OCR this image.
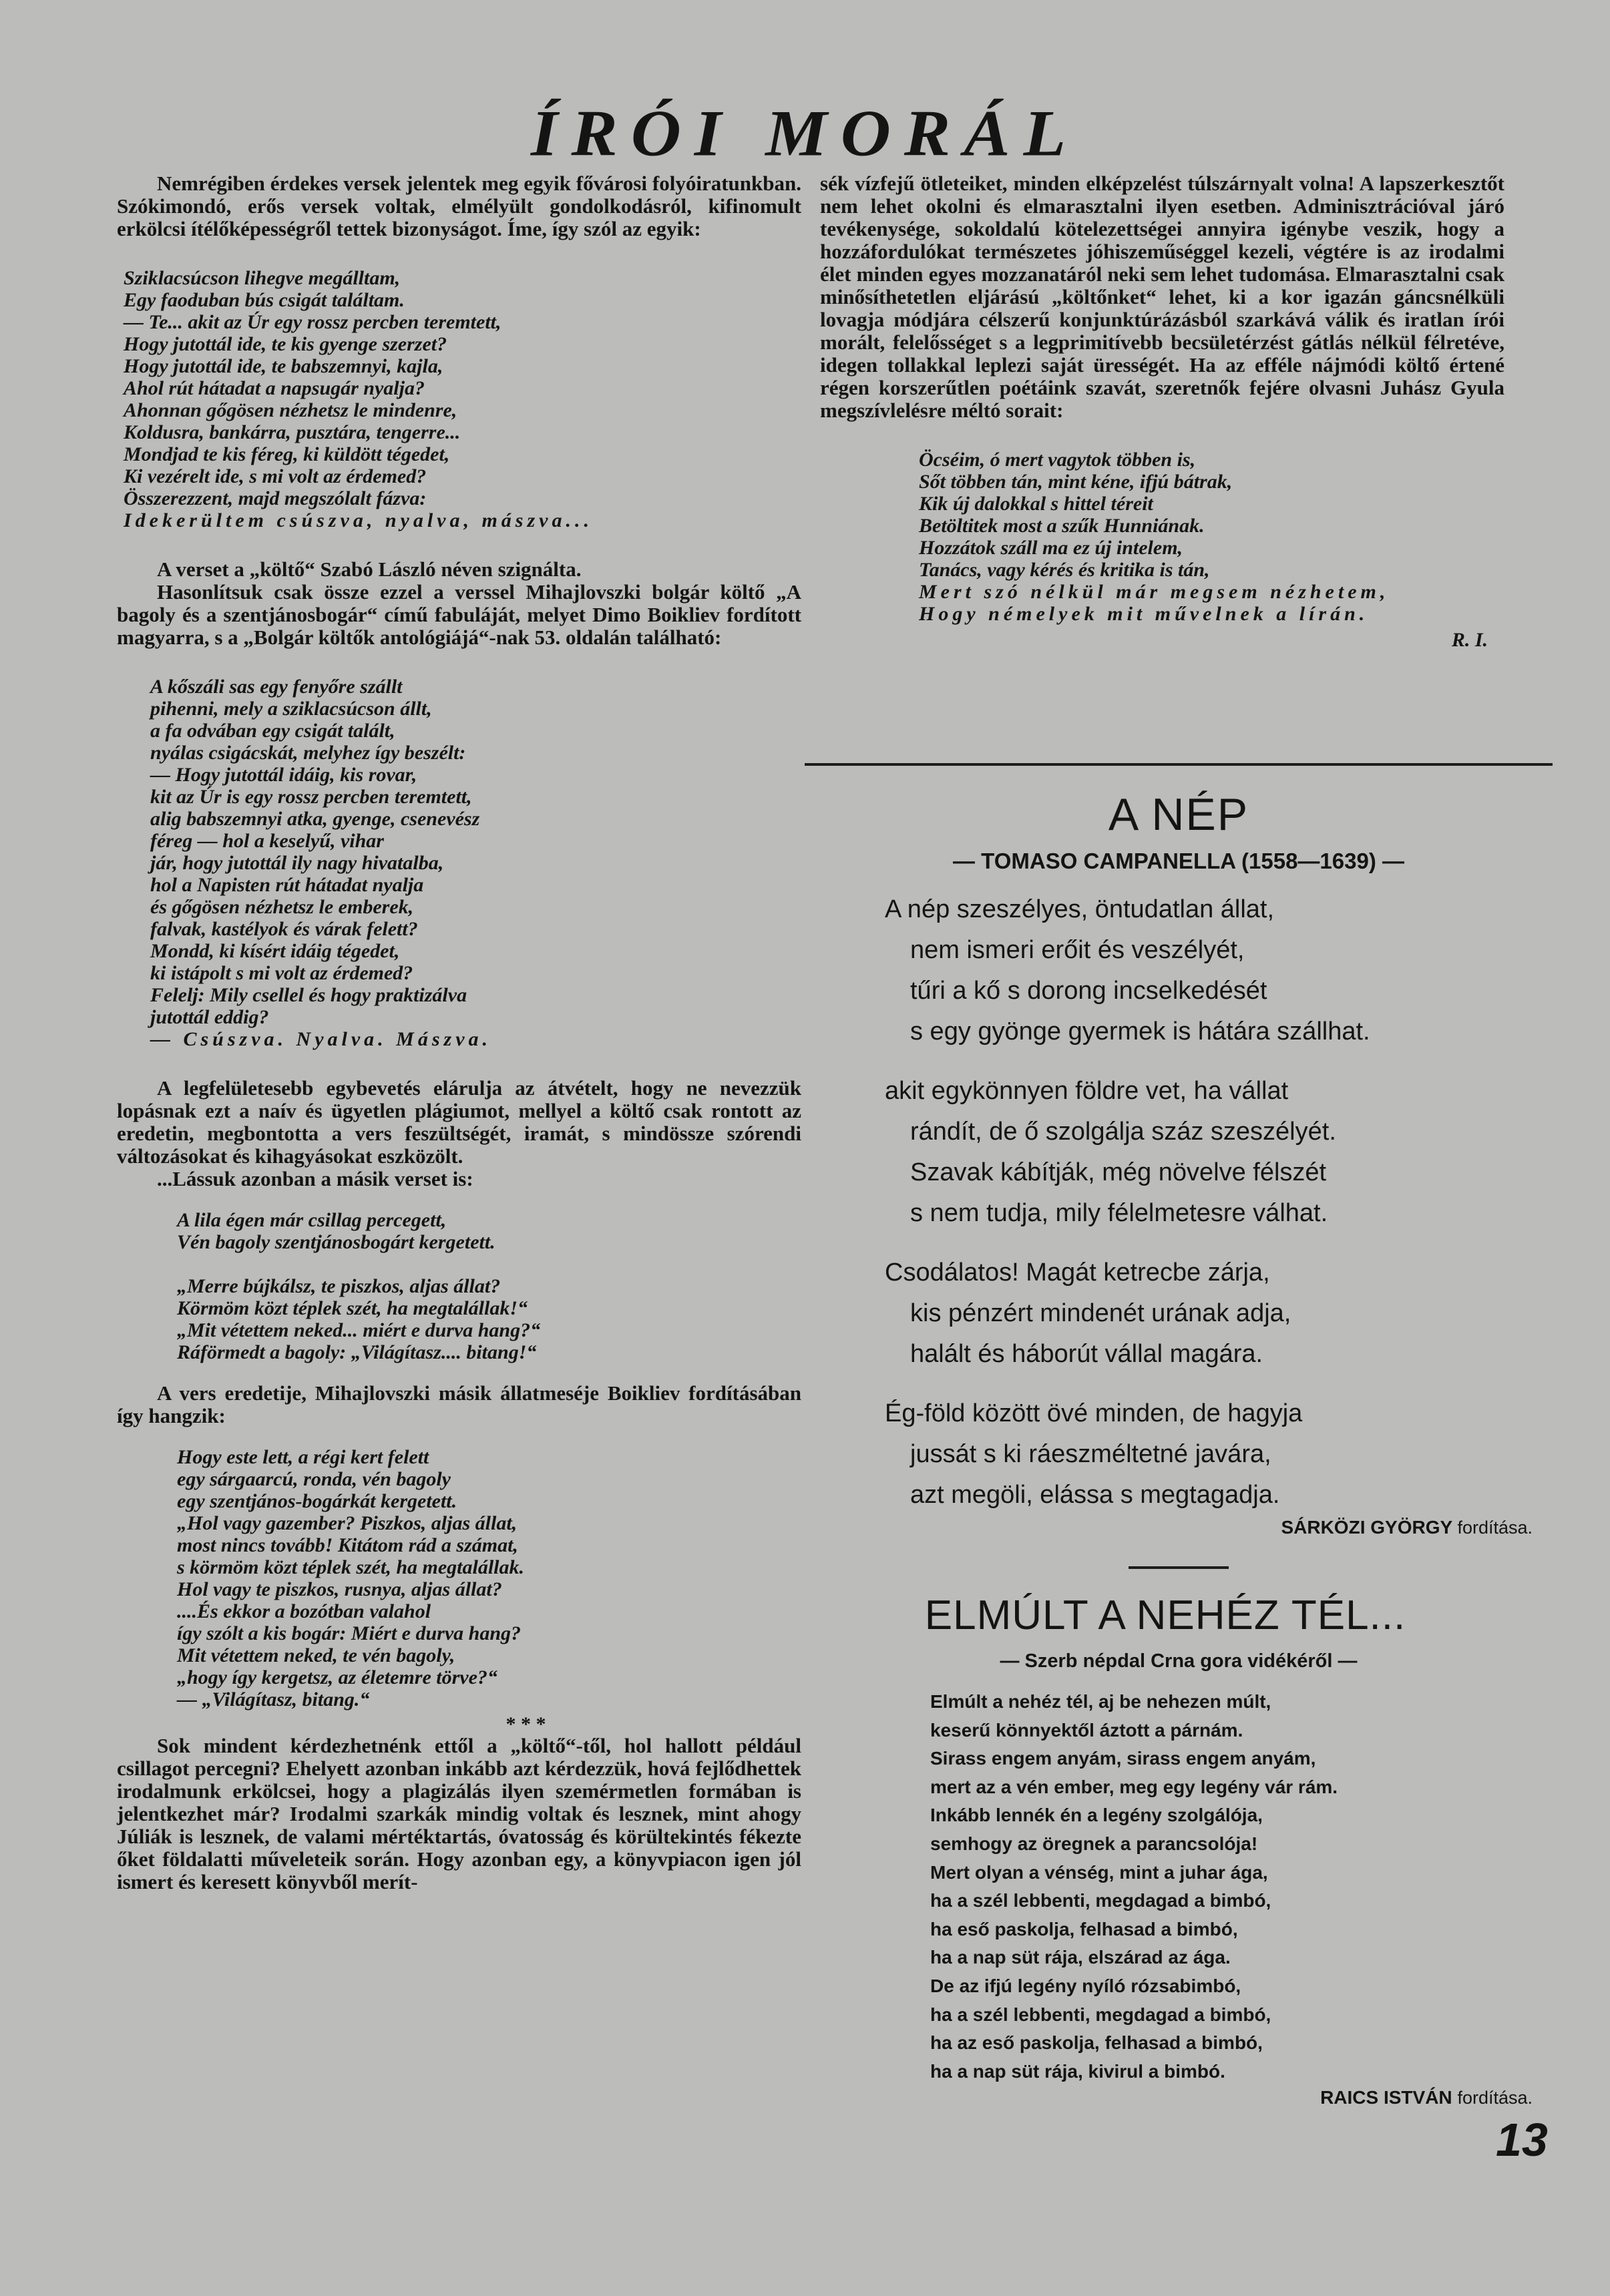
ÍRÓI MORÁL

Nemrégiben érdekes versek jelentek meg egyik fővárosi folyóiratunkban. Szókimondó, erős versek voltak, elmélyült gondolkodásról, kifinomult erkölcsi ítélőképességről tettek bizonyságot. Íme, így szól az egyik:

Sziklacsúcson lihegve megálltam,
Egy faoduban bús csigát találtam.
— Te... akit az Úr egy rossz percben teremtett,
Hogy jutottál ide, te kis gyenge szerzet?
Hogy jutottál ide, te babszemnyi, kajla,
Ahol rút hátadat a napsugár nyalja?
Ahonnan gőgösen nézhetsz le mindenre,
Koldusra, bankárra, pusztára, tengerre...
Mondjad te kis féreg, ki küldött tégedet,
Ki vezérelt ide, s mi volt az érdemed?
Összerezzent, majd megszólalt fázva:
Idekerültem csúszva, nyalva, mászva...

A verset a „költő“ Szabó László néven szignálta.

Hasonlítsuk csak össze ezzel a verssel Mihajlovszki bolgár költő „A bagoly és a szentjánosbogár“ című fabuláját, melyet Dimo Boikliev fordított magyarra, s a „Bolgár költők antológiájá“-nak 53. oldalán található:

A kőszáli sas egy fenyőre szállt
pihenni, mely a sziklacsúcson állt,
a fa odvában egy csigát talált,
nyálas csigácskát, melyhez így beszélt:
— Hogy jutottál idáig, kis rovar,
kit az Úr is egy rossz percben teremtett,
alig babszemnyi atka, gyenge, csenevész
féreg — hol a keselyű, vihar
jár, hogy jutottál ily nagy hivatalba,
hol a Napisten rút hátadat nyalja
és gőgösen nézhetsz le emberek,
falvak, kastélyok és várak felett?
Mondd, ki kísért idáig tégedet,
ki istápolt s mi volt az érdemed?
Felelj: Mily csellel és hogy praktizálva
jutottál eddig?
— Csúszva. Nyalva. Mászva.

A legfelületesebb egybevetés elárulja az átvételt, hogy ne nevezzük lopásnak ezt a naív és ügyetlen plágiumot, mellyel a költő csak rontott az eredetin, megbontotta a vers feszültségét, iramát, s mindössze szórendi változásokat és kihagyásokat eszközölt.

...Lássuk azonban a másik verset is:

A lila égen már csillag percegett,
Vén bagoly szentjánosbogárt kergetett.
„Merre bújkálsz, te piszkos, aljas állat?
Körmöm közt téplek szét, ha megtalállak!“
„Mit vétettem neked... miért e durva hang?“
Ráförmedt a bagoly: „Világítasz.... bitang!“

A vers eredetije, Mihajlovszki másik állatmeséje Boikliev fordításában így hangzik:

Hogy este lett, a régi kert felett
egy sárgaarcú, ronda, vén bagoly
egy szentjános-bogárkát kergetett.
„Hol vagy gazember? Piszkos, aljas állat,
most nincs tovább! Kitátom rád a számat,
s körmöm közt téplek szét, ha megtalállak.
Hol vagy te piszkos, rusnya, aljas állat?
....És ekkor a bozótban valahol
így szólt a kis bogár: Miért e durva hang?
Mit vétettem neked, te vén bagoly,
„hogy így kergetsz, az életemre törve?“
— „Világítasz, bitang.“
* * *

Sok mindent kérdezhetnénk ettől a „költő“-től, hol hallott például csillagot percegni? Ehelyett azonban inkább azt kérdezzük, hová fejlődhettek irodalmunk erkölcsei, hogy a plagizálás ilyen szemérmetlen formában is jelentkezhet már? Irodalmi szarkák mindig voltak és lesznek, mint ahogy Júliák is lesznek, de valami mértéktartás, óvatosság és körültekintés fékezte őket földalatti műveleteik során. Hogy azonban egy, a könyvpiacon igen jól ismert és keresett könyvből merít-

sék vízfejű ötleteiket, minden elképzelést túlszárnyalt volna! A lapszerkesztőt nem lehet okolni és elmarasztalni ilyen esetben. Adminisztrációval járó tevékenysége, sokoldalú kötelezettségei annyira igénybe veszik, hogy a hozzáfordulókat természetes jóhiszeműséggel kezeli, végtére is az irodalmi élet minden egyes mozzanatáról neki sem lehet tudomása. Elmarasztalni csak minősíthetetlen eljárású „költőnket“ lehet, ki a kor igazán gáncsnélküli lovagja módjára célszerű konjunktúrázásból szarkává válik és iratlan írói morált, felelősséget s a legprimitívebb becsületérzést gátlás nélkül félretéve, idegen tollakkal leplezi saját ürességét. Ha az efféle nájmódi költő értené régen korszerűtlen poétáink szavát, szeretnők fejére olvasni Juhász Gyula megszívlelésre méltó sorait:

Öcséim, ó mert vagytok többen is,
Sőt többen tán, mint kéne, ifjú bátrak,
Kik új dalokkal s hittel téreit
Betöltitek most a szűk Hunniának.
Hozzátok száll ma ez új intelem,
Tanács, vagy kérés és kritika is tán,
Mert szó nélkül már megsem nézhetem,
Hogy némelyek mit művelnek a lírán.
R. I.
A NÉP
— TOMASO CAMPANELLA (1558—1639) —
A nép szeszélyes, öntudatlan állat,
nem ismeri erőit és veszélyét,
tűri a kő s dorong incselkedését
s egy gyönge gyermek is hátára szállhat.
akit egykönnyen földre vet, ha vállat
rándít, de ő szolgálja száz szeszélyét.
Szavak kábítják, még növelve félszét
s nem tudja, mily félelmetesre válhat.
Csodálatos! Magát ketrecbe zárja,
kis pénzért mindenét urának adja,
halált és háborút vállal magára.
Ég-föld között övé minden, de hagyja
jussát s ki ráeszméltetné javára,
azt megöli, elássa s megtagadja.
SÁRKÖZI GYÖRGY fordítása.
ELMÚLT A NEHÉZ TÉL...
— Szerb népdal Crna gora vidékéről —
Elmúlt a nehéz tél, aj be nehezen múlt,
keserű könnyektől áztott a párnám.
Sirass engem anyám, sirass engem anyám,
mert az a vén ember, meg egy legény vár rám.
Inkább lennék én a legény szolgálója,
semhogy az öregnek a parancsolója!
Mert olyan a vénség, mint a juhar ága,
ha a szél lebbenti, megdagad a bimbó,
ha eső paskolja, felhasad a bimbó,
ha a nap süt rája, elszárad az ága.
De az ifjú legény nyíló rózsabimbó,
ha a szél lebbenti, megdagad a bimbó,
ha az eső paskolja, felhasad a bimbó,
ha a nap süt rája, kivirul a bimbó.
RAICS ISTVÁN fordítása.
13
